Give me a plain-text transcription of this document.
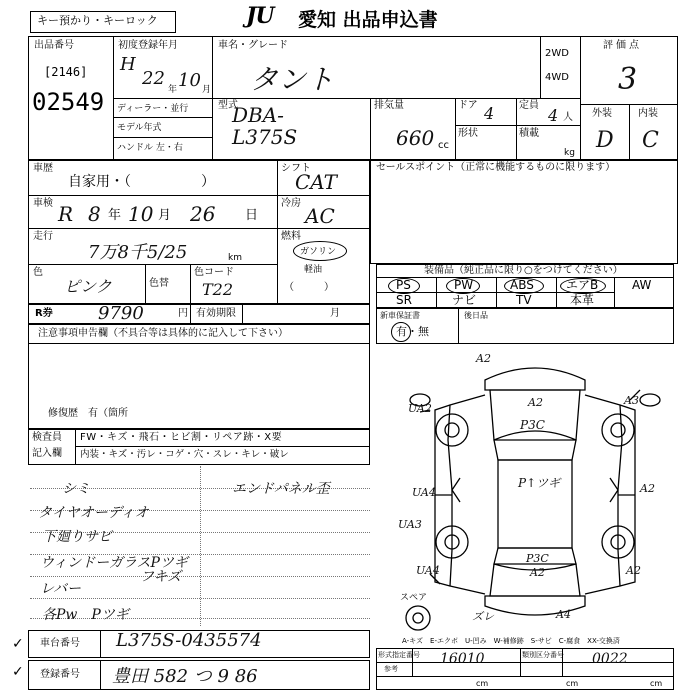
キー預かり・キーロック	JU 愛知 出品申込書
出品番号
[2146]
02549
初度登録年月
H
22
年 10 月
車名・グレード
タント
2WD
4WD
評価点
3
ディーラー・並行
モデル年式
ハンドル 左・右
型式
DBA-
L375S
排気量
660 cc
ドア 4 定員
4 人
形状	積載
kg
外装	内装
D C
車歴
自家用・（　　　　　）
シフト
CAT
車検 R 8 年 10 月 26 日
冷房
AC
走行
7万8千5/25	km
燃料
ガソリン
軽油
（　　　）
色
ピンク	色替
色コード
T22
R券	9790	円 有効期限	月
セールスポイント（正常に機能するものに限ります）
装備品（純正品に限り○をつけてください）
PS	PW	ABS	エアB	AW
SR	ナビ	TV	本革
新車保証書
有・無
後日品
注意事項申告欄（不具合等は具体的に記入して下さい）
修復歴　有（箇所
検査員
記入欄
FW・キズ・飛石・ヒビ割・リペア跡・X要
内装・キズ・汚レ・コゲ・穴・スレ・キレ・破レ
シミ	エンドパネル歪
タイヤオーディオ
下廻りサビ
ウィンドーガラスPツギ
レバー
フキズ
各Pw　Pツギ
A2
A2
P3C
A3
UA2
P↑ツギ	A2
UA4
UA3
P3C
A2
UA4	A2
A4
ズレ
スペア
A-キズ　E-エクボ　U-凹み　W-補修跡　S-サビ　C-腐食　XX-交換済
車台番号 L375S-0435574
登録番号 豊田 582 つ 9 86
✓
✓
形式指定番号
参考
16010	類別区分番号 0022
cm	cm	cm
